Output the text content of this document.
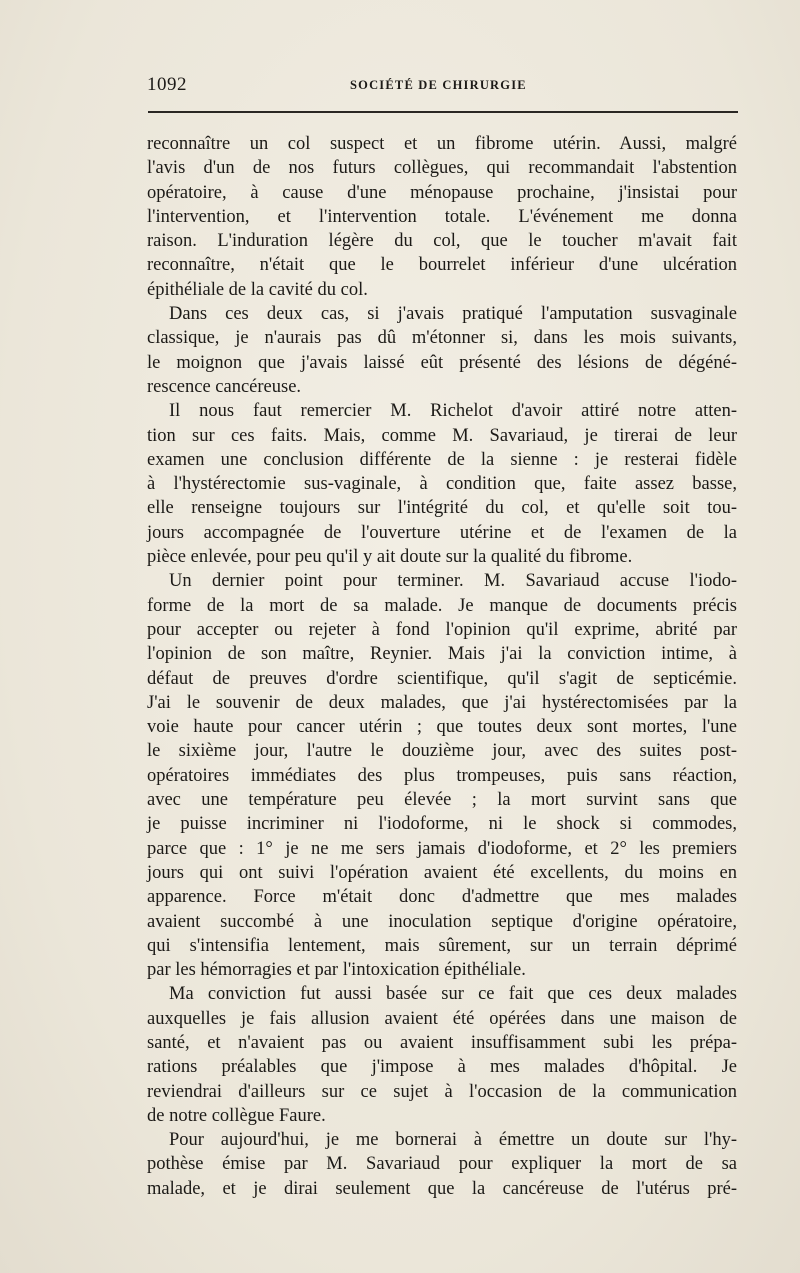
1092	SOCIÉTÉ DE CHIRURGIE
reconnaître un col suspect et un fibrome utérin. Aussi, malgré
l'avis d'un de nos futurs collègues, qui recommandait l'abstention
opératoire, à cause d'une ménopause prochaine, j'insistai pour
l'intervention, et l'intervention totale. L'événement me donna
raison. L'induration légère du col, que le toucher m'avait fait
reconnaître, n'était que le bourrelet inférieur d'une ulcération
épithéliale de la cavité du col.
Dans ces deux cas, si j'avais pratiqué l'amputation susvaginale
classique, je n'aurais pas dû m'étonner si, dans les mois suivants,
le moignon que j'avais laissé eût présenté des lésions de dégéné-
rescence cancéreuse.
Il nous faut remercier M. Richelot d'avoir attiré notre atten-
tion sur ces faits. Mais, comme M. Savariaud, je tirerai de leur
examen une conclusion différente de la sienne : je resterai fidèle
à l'hystérectomie sus-vaginale, à condition que, faite assez basse,
elle renseigne toujours sur l'intégrité du col, et qu'elle soit tou-
jours accompagnée de l'ouverture utérine et de l'examen de la
pièce enlevée, pour peu qu'il y ait doute sur la qualité du fibrome.
Un dernier point pour terminer. M. Savariaud accuse l'iodo-
forme de la mort de sa malade. Je manque de documents précis
pour accepter ou rejeter à fond l'opinion qu'il exprime, abrité par
l'opinion de son maître, Reynier. Mais j'ai la conviction intime, à
défaut de preuves d'ordre scientifique, qu'il s'agit de septicémie.
J'ai le souvenir de deux malades, que j'ai hystérectomisées par la
voie haute pour cancer utérin ; que toutes deux sont mortes, l'une
le sixième jour, l'autre le douzième jour, avec des suites post-
opératoires immédiates des plus trompeuses, puis sans réaction,
avec une température peu élevée ; la mort survint sans que
je puisse incriminer ni l'iodoforme, ni le shock si commodes,
parce que : 1° je ne me sers jamais d'iodoforme, et 2° les premiers
jours qui ont suivi l'opération avaient été excellents, du moins en
apparence. Force m'était donc d'admettre que mes malades
avaient succombé à une inoculation septique d'origine opératoire,
qui s'intensifia lentement, mais sûrement, sur un terrain déprimé
par les hémorragies et par l'intoxication épithéliale.
Ma conviction fut aussi basée sur ce fait que ces deux malades
auxquelles je fais allusion avaient été opérées dans une maison de
santé, et n'avaient pas ou avaient insuffisamment subi les prépa-
rations préalables que j'impose à mes malades d'hôpital. Je
reviendrai d'ailleurs sur ce sujet à l'occasion de la communication
de notre collègue Faure.
Pour aujourd'hui, je me bornerai à émettre un doute sur l'hy-
pothèse émise par M. Savariaud pour expliquer la mort de sa
malade, et je dirai seulement que la cancéreuse de l'utérus pré-
